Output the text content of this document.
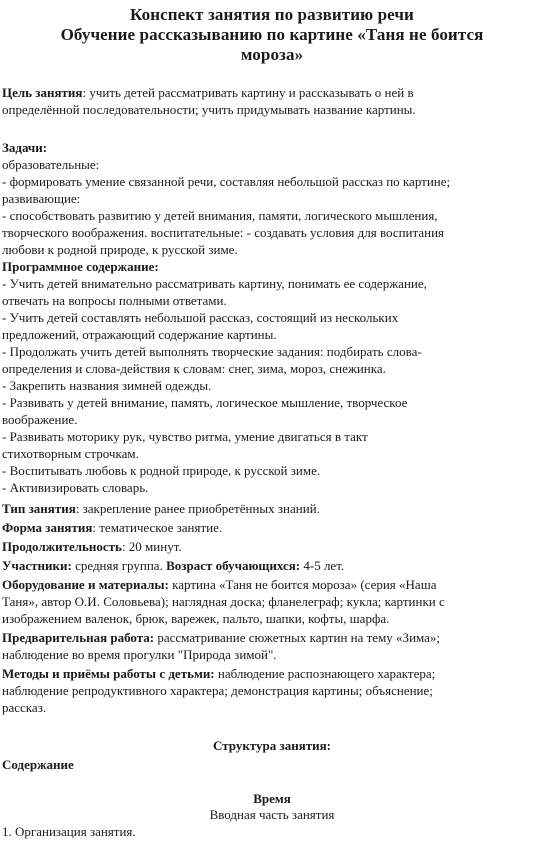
Конспект занятия по развитию речи
Обучение рассказыванию по картине «Таня не боится
мороза»
Цель занятия: учить детей рассматривать картину и рассказывать о ней в
определённой последовательности; учить придумывать название картины.
Задачи:
образовательные:
- формировать умение связанной речи, составляя небольшой рассказ по картине;
развивающие:
- способствовать развитию у детей внимания, памяти, логического мышления,
творческого воображения. воспитательные: - создавать условия для воспитания
любови к родной природе, к русской зиме.
Программное содержание:
- Учить детей внимательно рассматривать картину, понимать ее содержание,
отвечать на вопросы полными ответами.
- Учить детей составлять небольшой рассказ, состоящий из нескольких
предложений, отражающий содержание картины.
- Продолжать учить детей выполнять творческие задания: подбирать слова-
определения и слова-действия к словам: снег, зима, мороз, снежинка.
- Закрепить названия зимней одежды.
- Развивать у детей внимание, память, логическое мышление, творческое
воображение.
- Развивать моторику рук, чувство ритма, умение двигаться в такт
стихотворным строчкам.
- Воспитывать любовь к родной природе, к русской зиме.
- Активизировать словарь.
Тип занятия: закрепление ранее приобретённых знаний.
Форма занятия: тематическое занятие.
Продолжительность: 20 минут.
Участники: средняя группа. Возраст обучающихся: 4-5 лет.
Оборудование и материалы: картина «Таня не боится мороза» (серия «Наша
Таня», автор О.И. Соловьева); наглядная доска; фланелеграф; кукла; картинки с
изображением валенок, брюк, варежек, пальто, шапки, кофты, шарфа.
Предварительная работа: рассматривание сюжетных картин на тему «Зима»;
наблюдение во время прогулки "Природа зимой".
Методы и приёмы работы с детьми: наблюдение распознающего характера;
наблюдение репродуктивного характера; демонстрация картины; объяснение;
рассказ.
Структура занятия:
Содержание
Время
Вводная часть занятия
1. Организация занятия.
